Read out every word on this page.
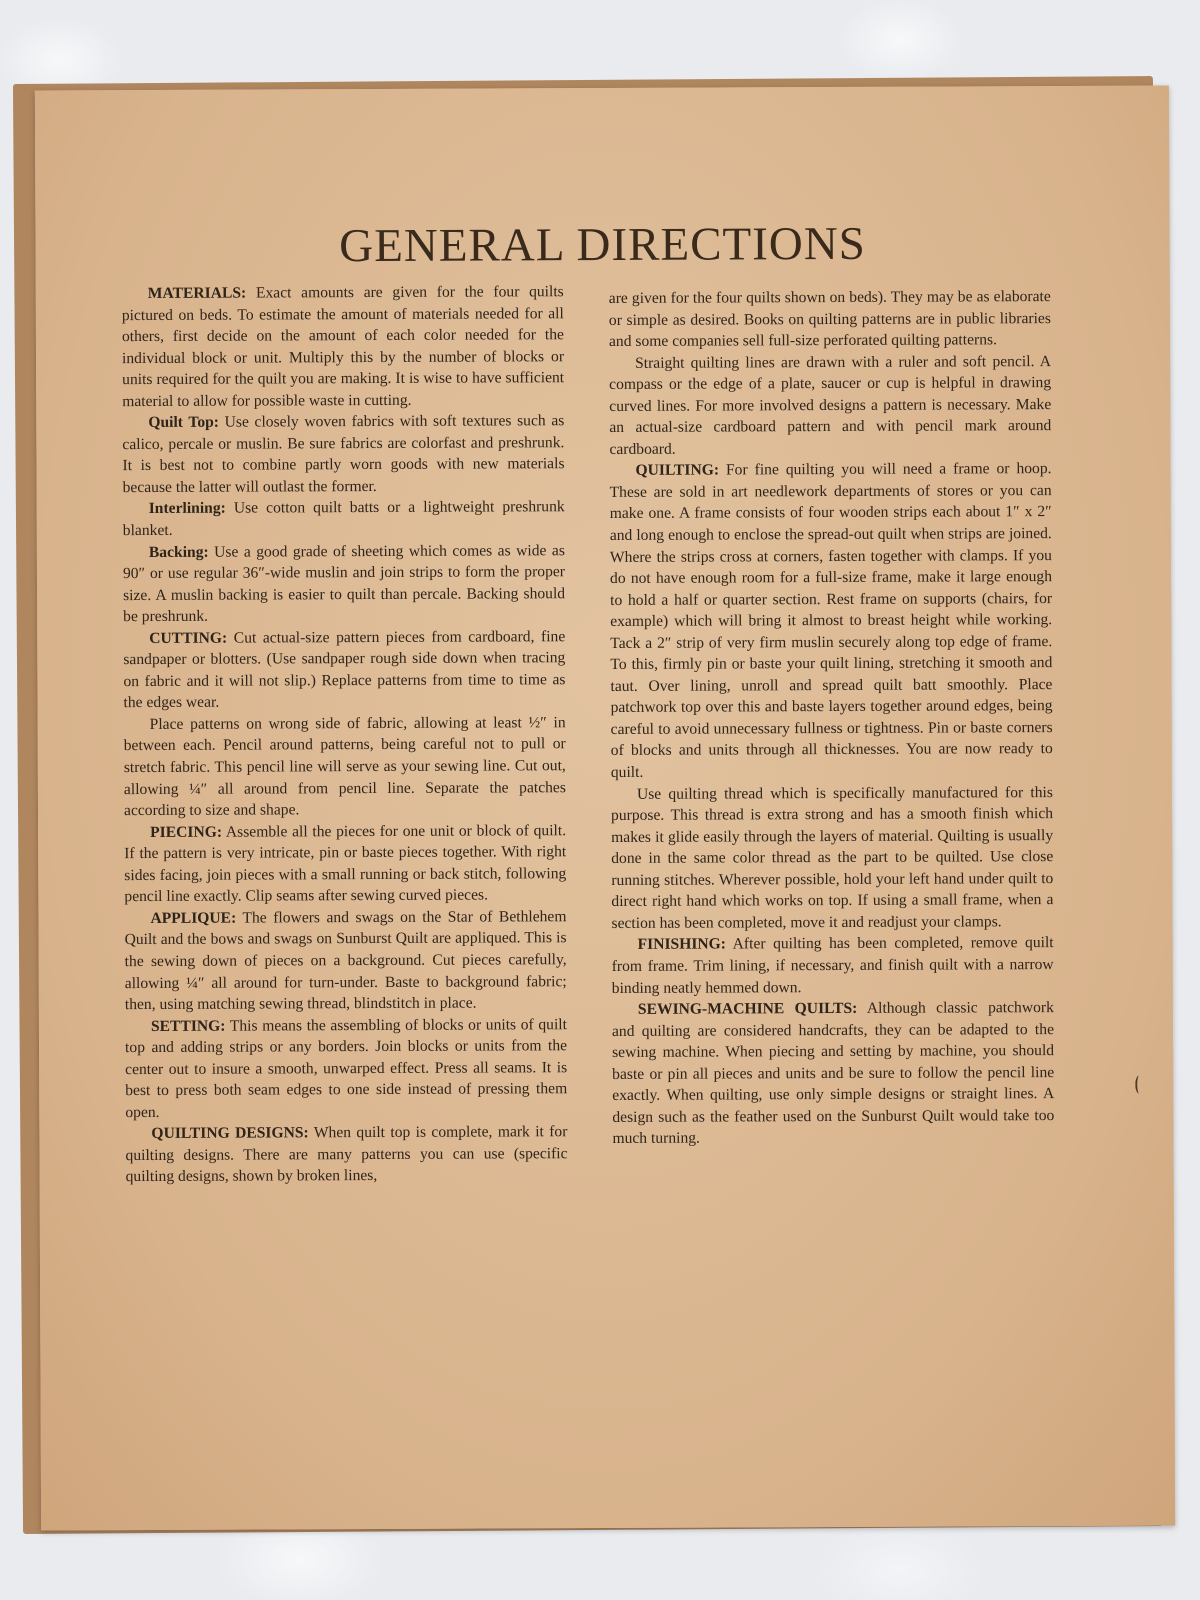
GENERAL DIRECTIONS

MATERIALS: Exact amounts are given for the four quilts pictured on beds. To estimate the amount of materials needed for all others, first decide on the amount of each color needed for the individual block or unit. Multiply this by the number of blocks or units required for the quilt you are making. It is wise to have sufficient material to allow for possible waste in cutting.

Quilt Top: Use closely woven fabrics with soft textures such as calico, percale or muslin. Be sure fabrics are colorfast and preshrunk. It is best not to combine partly worn goods with new materials because the latter will outlast the former.

Interlining: Use cotton quilt batts or a lightweight preshrunk blanket.

Backing: Use a good grade of sheeting which comes as wide as 90″ or use regular 36″-wide muslin and join strips to form the proper size. A muslin backing is easier to quilt than percale. Backing should be preshrunk.

CUTTING: Cut actual-size pattern pieces from cardboard, fine sandpaper or blotters. (Use sandpaper rough side down when tracing on fabric and it will not slip.) Replace patterns from time to time as the edges wear.

Place patterns on wrong side of fabric, allowing at least ½″ in between each. Pencil around patterns, being careful not to pull or stretch fabric. This pencil line will serve as your sewing line. Cut out, allowing ¼″ all around from pencil line. Separate the patches according to size and shape.

PIECING: Assemble all the pieces for one unit or block of quilt. If the pattern is very intricate, pin or baste pieces together. With right sides facing, join pieces with a small running or back stitch, following pencil line exactly. Clip seams after sewing curved pieces.

APPLIQUE: The flowers and swags on the Star of Bethlehem Quilt and the bows and swags on Sunburst Quilt are appliqued. This is the sewing down of pieces on a background. Cut pieces carefully, allowing ¼″ all around for turn-under. Baste to background fabric; then, using matching sewing thread, blindstitch in place.

SETTING: This means the assembling of blocks or units of quilt top and adding strips or any borders. Join blocks or units from the center out to insure a smooth, unwarped effect. Press all seams. It is best to press both seam edges to one side instead of pressing them open.

QUILTING DESIGNS: When quilt top is complete, mark it for quilting designs. There are many patterns you can use (specific quilting designs, shown by broken lines,

are given for the four quilts shown on beds). They may be as elaborate or simple as desired. Books on quilting patterns are in public libraries and some companies sell full-size perforated quilting patterns.

Straight quilting lines are drawn with a ruler and soft pencil. A compass or the edge of a plate, saucer or cup is helpful in drawing curved lines. For more involved designs a pattern is necessary. Make an actual-size cardboard pattern and with pencil mark around cardboard.

QUILTING: For fine quilting you will need a frame or hoop. These are sold in art needlework departments of stores or you can make one. A frame consists of four wooden strips each about 1″ x 2″ and long enough to enclose the spread-out quilt when strips are joined. Where the strips cross at corners, fasten together with clamps. If you do not have enough room for a full-size frame, make it large enough to hold a half or quarter section. Rest frame on supports (chairs, for example) which will bring it almost to breast height while working. Tack a 2″ strip of very firm muslin securely along top edge of frame. To this, firmly pin or baste your quilt lining, stretching it smooth and taut. Over lining, unroll and spread quilt batt smoothly. Place patchwork top over this and baste layers together around edges, being careful to avoid unnecessary fullness or tightness. Pin or baste corners of blocks and units through all thicknesses. You are now ready to quilt.

Use quilting thread which is specifically manufactured for this purpose. This thread is extra strong and has a smooth finish which makes it glide easily through the layers of material. Quilting is usually done in the same color thread as the part to be quilted. Use close running stitches. Wherever possible, hold your left hand under quilt to direct right hand which works on top. If using a small frame, when a section has been completed, move it and readjust your clamps.

FINISHING: After quilting has been completed, remove quilt from frame. Trim lining, if necessary, and finish quilt with a narrow binding neatly hemmed down.

SEWING-MACHINE QUILTS: Although classic patchwork and quilting are considered handcrafts, they can be adapted to the sewing machine. When piecing and setting by machine, you should baste or pin all pieces and units and be sure to follow the pencil line exactly. When quilting, use only simple designs or straight lines. A design such as the feather used on the Sunburst Quilt would take too much turning.
